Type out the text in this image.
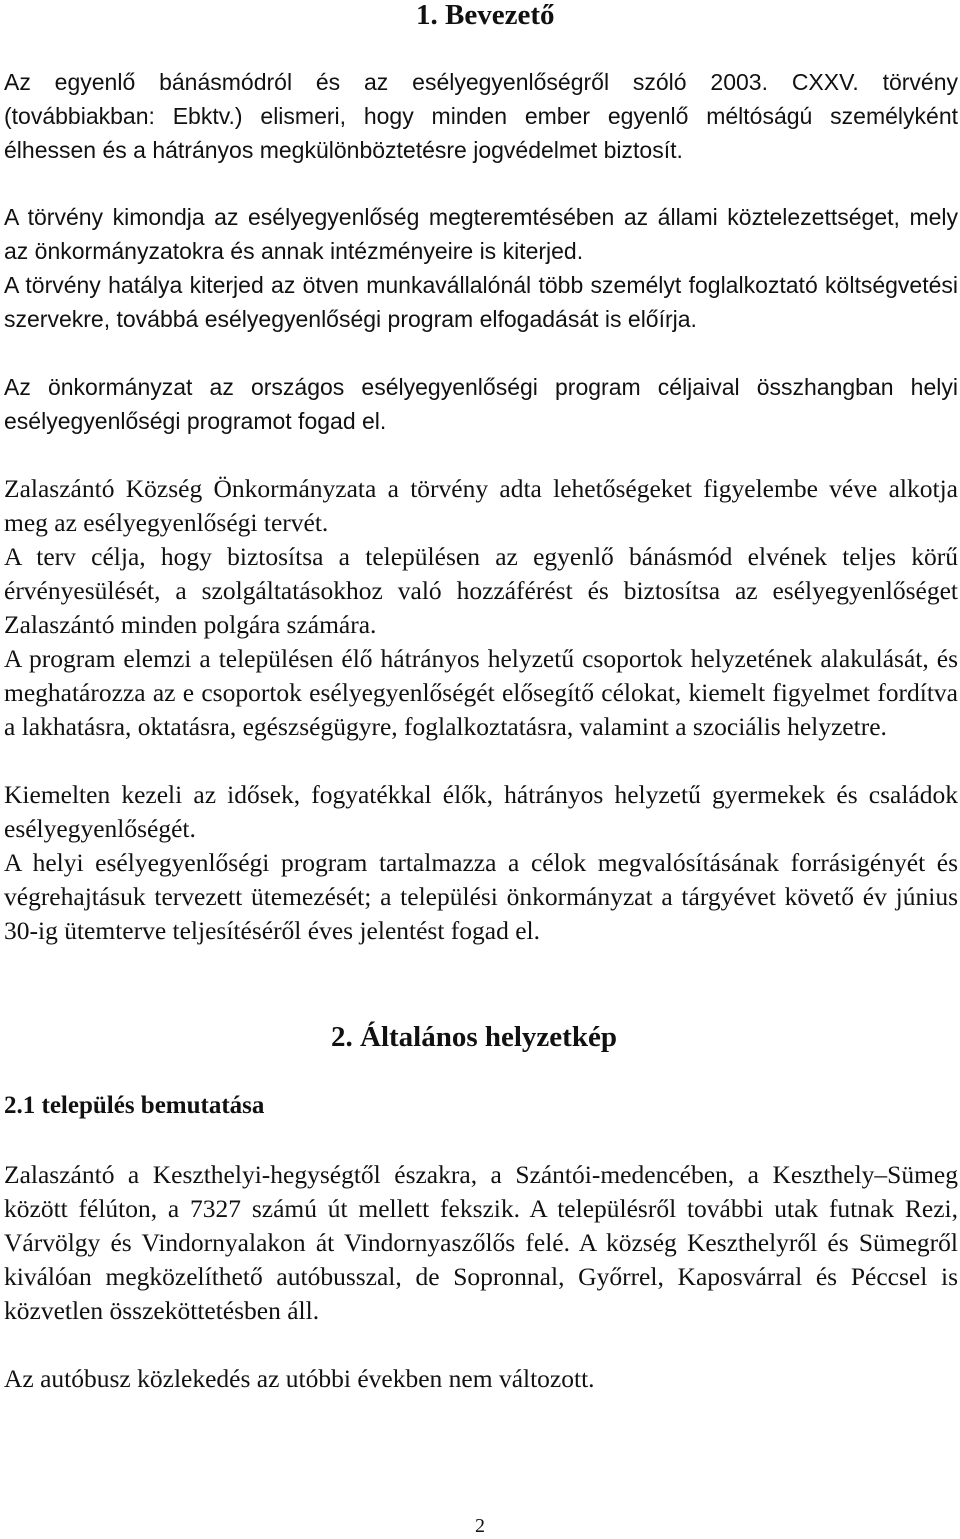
1. Bevezető

Az egyenlő bánásmódról és az esélyegyenlőségről szóló 2003. CXXV. törvény (továbbiakban: Ebktv.) elismeri, hogy minden ember egyenlő méltóságú személyként élhessen és a hátrányos megkülönböztetésre jogvédelmet biztosít.

A törvény kimondja az esélyegyenlőség megteremtésében az állami köztelezettséget, mely az önkormányzatokra és annak intézményeire is kiterjed.

A törvény hatálya kiterjed az ötven munkavállalónál több személyt foglalkoztató költségvetési szervekre, továbbá esélyegyenlőségi program elfogadását is előírja.

Az önkormányzat az országos esélyegyenlőségi program céljaival összhangban helyi esélyegyenlőségi programot fogad el.

Zalaszántó Község Önkormányzata a törvény adta lehetőségeket figyelembe véve alkotja meg az esélyegyenlőségi tervét.

A terv célja, hogy biztosítsa a településen az egyenlő bánásmód elvének teljes körű érvényesülését, a szolgáltatásokhoz való hozzáférést és biztosítsa az esélyegyenlőséget Zalaszántó minden polgára számára.

A program elemzi a településen élő hátrányos helyzetű csoportok helyzetének alakulását, és meghatározza az e csoportok esélyegyenlőségét elősegítő célokat, kiemelt figyelmet fordítva a lakhatásra, oktatásra, egészségügyre, foglalkoztatásra, valamint a szociális helyzetre.

Kiemelten kezeli az idősek, fogyatékkal élők, hátrányos helyzetű gyermekek és családok esélyegyenlőségét.

A helyi esélyegyenlőségi program tartalmazza a célok megvalósításának forrásigényét és végrehajtásuk tervezett ütemezését; a települési önkormányzat a tárgyévet követő év június 30-ig ütemterve teljesítéséről éves jelentést fogad el.

2. Általános helyzetkép
2.1 település bemutatása

Zalaszántó a Keszthelyi-hegységtől északra, a Szántói-medencében, a Keszthely–Sümeg között félúton, a 7327 számú út mellett fekszik. A településről további utak futnak Rezi, Várvölgy és Vindornyalakon át Vindornyaszőlős felé. A község Keszthelyről és Sümegről kiválóan megközelíthető autóbusszal, de Sopronnal, Győrrel, Kaposvárral és Péccsel is közvetlen összeköttetésben áll.

Az autóbusz közlekedés az utóbbi években nem változott.

2
